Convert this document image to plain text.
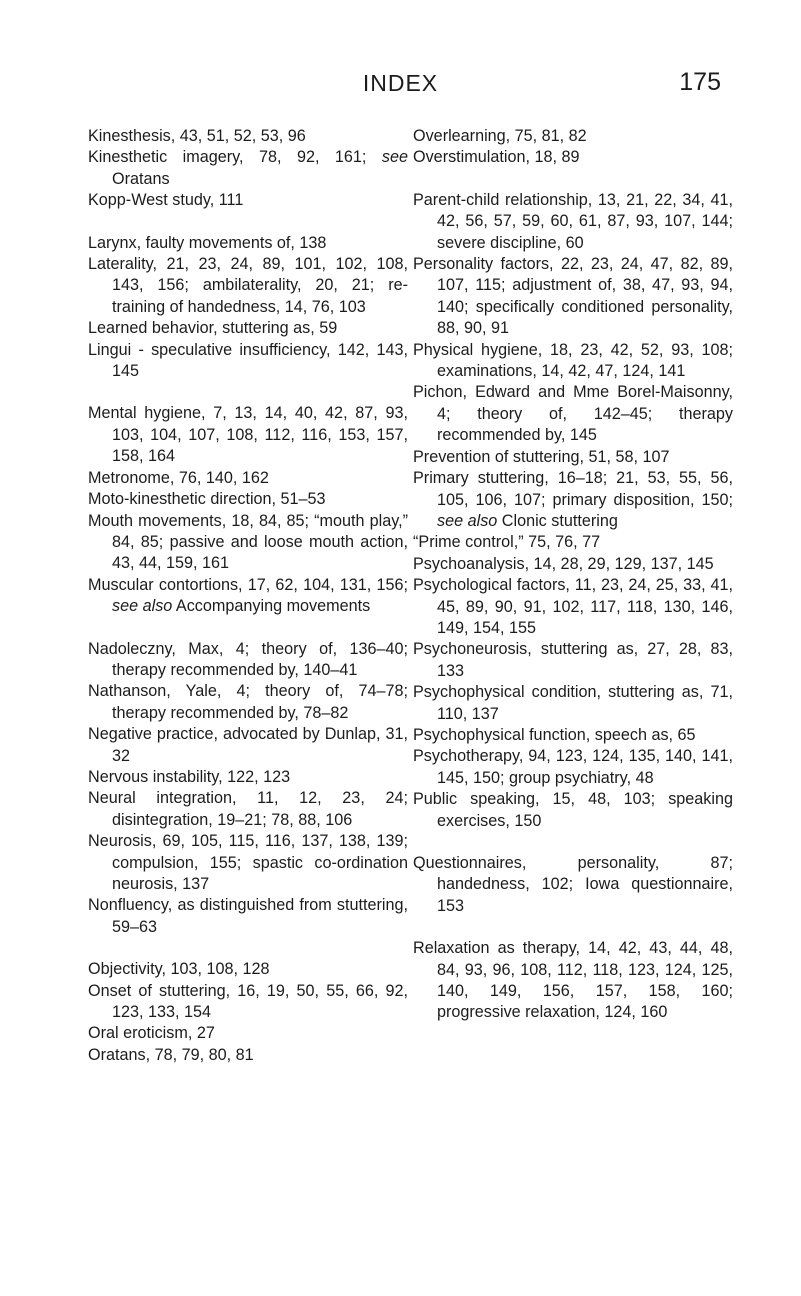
INDEX	175
Kinesthesis, 43, 51, 52, 53, 96
Kinesthetic imagery, 78, 92, 161; see Oratans
Kopp-West study, 111
Larynx, faulty movements of, 138
Laterality, 21, 23, 24, 89, 101, 102, 108, 143, 156; ambilaterality, 20, 21; re-training of handedness, 14, 76, 103
Learned behavior, stuttering as, 59
Lingui - speculative insufficiency, 142, 143, 145
Mental hygiene, 7, 13, 14, 40, 42, 87, 93, 103, 104, 107, 108, 112, 116, 153, 157, 158, 164
Metronome, 76, 140, 162
Moto-kinesthetic direction, 51–53
Mouth movements, 18, 84, 85; “mouth play,” 84, 85; passive and loose mouth action, 43, 44, 159, 161
Muscular contortions, 17, 62, 104, 131, 156; see also Accompanying movements
Nadoleczny, Max, 4; theory of, 136–40; therapy recommended by, 140–41
Nathanson, Yale, 4; theory of, 74–78; therapy recommended by, 78–82
Negative practice, advocated by Dunlap, 31, 32
Nervous instability, 122, 123
Neural integration, 11, 12, 23, 24; disintegration, 19–21; 78, 88, 106
Neurosis, 69, 105, 115, 116, 137, 138, 139; compulsion, 155; spastic co-ordination neurosis, 137
Nonfluency, as distinguished from stuttering, 59–63
Objectivity, 103, 108, 128
Onset of stuttering, 16, 19, 50, 55, 66, 92, 123, 133, 154
Oral eroticism, 27
Oratans, 78, 79, 80, 81
Overlearning, 75, 81, 82
Overstimulation, 18, 89
Parent-child relationship, 13, 21, 22, 34, 41, 42, 56, 57, 59, 60, 61, 87, 93, 107, 144; severe discipline, 60
Personality factors, 22, 23, 24, 47, 82, 89, 107, 115; adjustment of, 38, 47, 93, 94, 140; specifically conditioned personality, 88, 90, 91
Physical hygiene, 18, 23, 42, 52, 93, 108; examinations, 14, 42, 47, 124, 141
Pichon, Edward and Mme Borel-Maisonny, 4; theory of, 142–45; therapy recommended by, 145
Prevention of stuttering, 51, 58, 107
Primary stuttering, 16–18; 21, 53, 55, 56, 105, 106, 107; primary disposition, 150; see also Clonic stuttering
“Prime control,” 75, 76, 77
Psychoanalysis, 14, 28, 29, 129, 137, 145
Psychological factors, 11, 23, 24, 25, 33, 41, 45, 89, 90, 91, 102, 117, 118, 130, 146, 149, 154, 155
Psychoneurosis, stuttering as, 27, 28, 83, 133
Psychophysical condition, stuttering as, 71, 110, 137
Psychophysical function, speech as, 65
Psychotherapy, 94, 123, 124, 135, 140, 141, 145, 150; group psychiatry, 48
Public speaking, 15, 48, 103; speaking exercises, 150
Questionnaires, personality, 87; handedness, 102; Iowa questionnaire, 153
Relaxation as therapy, 14, 42, 43, 44, 48, 84, 93, 96, 108, 112, 118, 123, 124, 125, 140, 149, 156, 157, 158, 160; progressive relaxation, 124, 160
